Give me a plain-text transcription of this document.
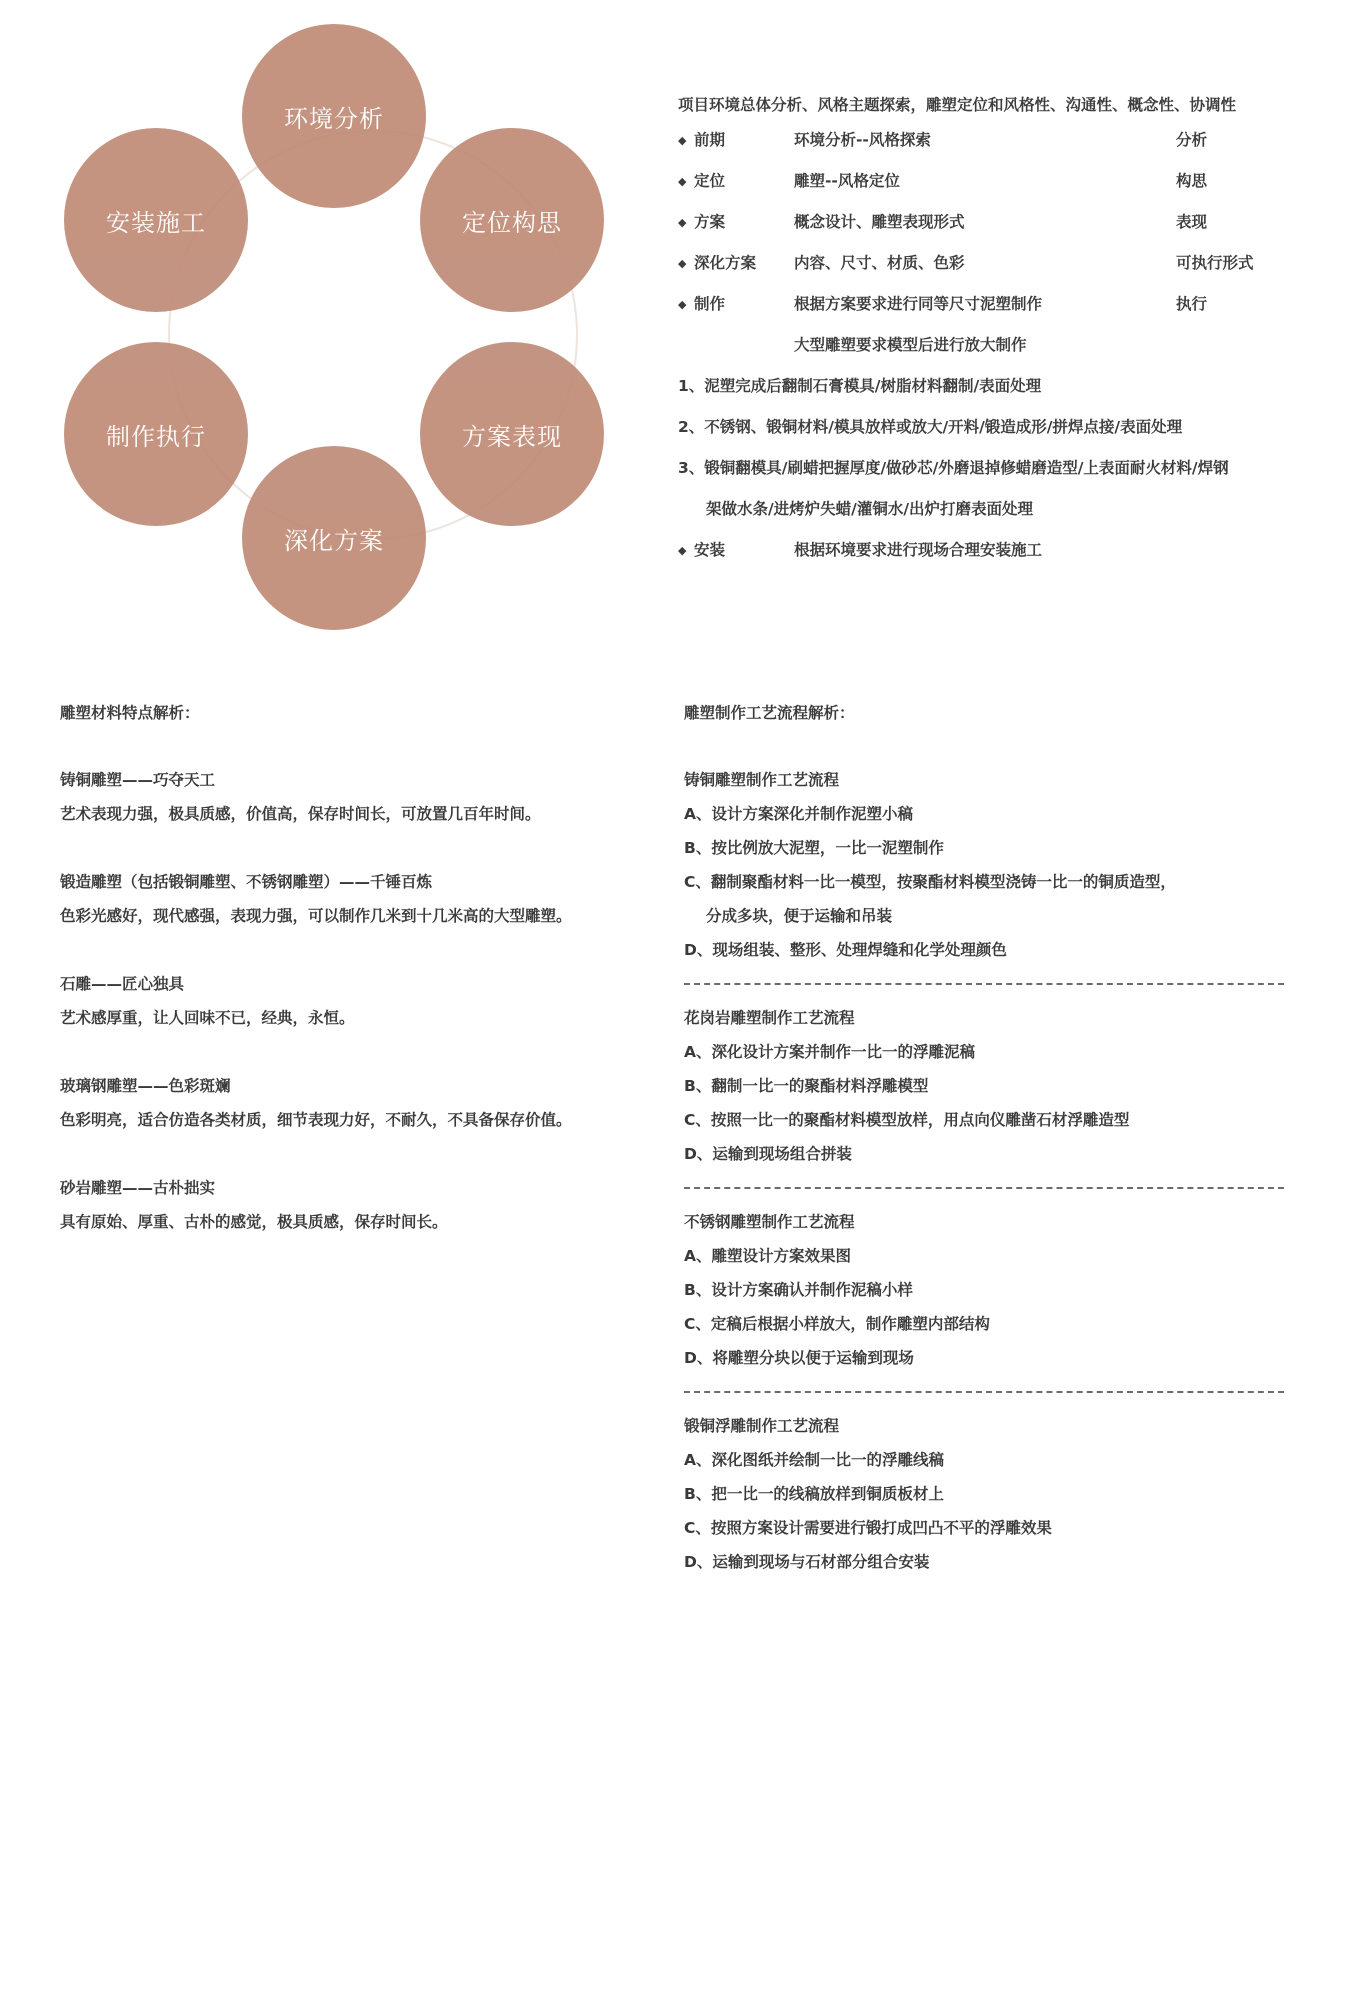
环境分析
定位构思
方案表现
深化方案
制作执行
安装施工
项目环境总体分析、风格主题探索，雕塑定位和风格性、沟通性、概念性、协调性
◆ 前期	环境分析--风格探索	分析
◆ 定位	雕塑--风格定位	构思
◆ 方案	概念设计、雕塑表现形式	表现
◆ 深化方案 内容、尺寸、材质、色彩	可执行形式
◆ 制作	根据方案要求进行同等尺寸泥塑制作	执行
大型雕塑要求模型后进行放大制作
1、泥塑完成后翻制石膏模具/树脂材料翻制/表面处理
2、不锈钢、锻铜材料/模具放样或放大/开料/锻造成形/拼焊点接/表面处理
3、锻铜翻模具/刷蜡把握厚度/做砂芯/外磨退掉修蜡磨造型/上表面耐火材料/焊钢
架做水条/进烤炉失蜡/灌铜水/出炉打磨表面处理
◆ 安装	根据环境要求进行现场合理安装施工
雕塑材料特点解析：
铸铜雕塑——巧夺天工
艺术表现力强，极具质感，价值高，保存时间长，可放置几百年时间。
锻造雕塑（包括锻铜雕塑、不锈钢雕塑）——千锤百炼
色彩光感好，现代感强，表现力强，可以制作几米到十几米高的大型雕塑。
石雕——匠心独具
艺术感厚重，让人回味不已，经典，永恒。
玻璃钢雕塑——色彩斑斓
色彩明亮，适合仿造各类材质，细节表现力好，不耐久，不具备保存价值。
砂岩雕塑——古朴拙实
具有原始、厚重、古朴的感觉，极具质感，保存时间长。
雕塑制作工艺流程解析：
铸铜雕塑制作工艺流程
A、设计方案深化并制作泥塑小稿
B、按比例放大泥塑，一比一泥塑制作
C、翻制聚酯材料一比一模型，按聚酯材料模型浇铸一比一的铜质造型，
分成多块，便于运输和吊装
D、现场组装、整形、处理焊缝和化学处理颜色
花岗岩雕塑制作工艺流程
A、深化设计方案并制作一比一的浮雕泥稿
B、翻制一比一的聚酯材料浮雕模型
C、按照一比一的聚酯材料模型放样，用点向仪雕凿石材浮雕造型
D、运输到现场组合拼装
不锈钢雕塑制作工艺流程
A、雕塑设计方案效果图
B、设计方案确认并制作泥稿小样
C、定稿后根据小样放大，制作雕塑内部结构
D、将雕塑分块以便于运输到现场
锻铜浮雕制作工艺流程
A、深化图纸并绘制一比一的浮雕线稿
B、把一比一的线稿放样到铜质板材上
C、按照方案设计需要进行锻打成凹凸不平的浮雕效果
D、运输到现场与石材部分组合安装
